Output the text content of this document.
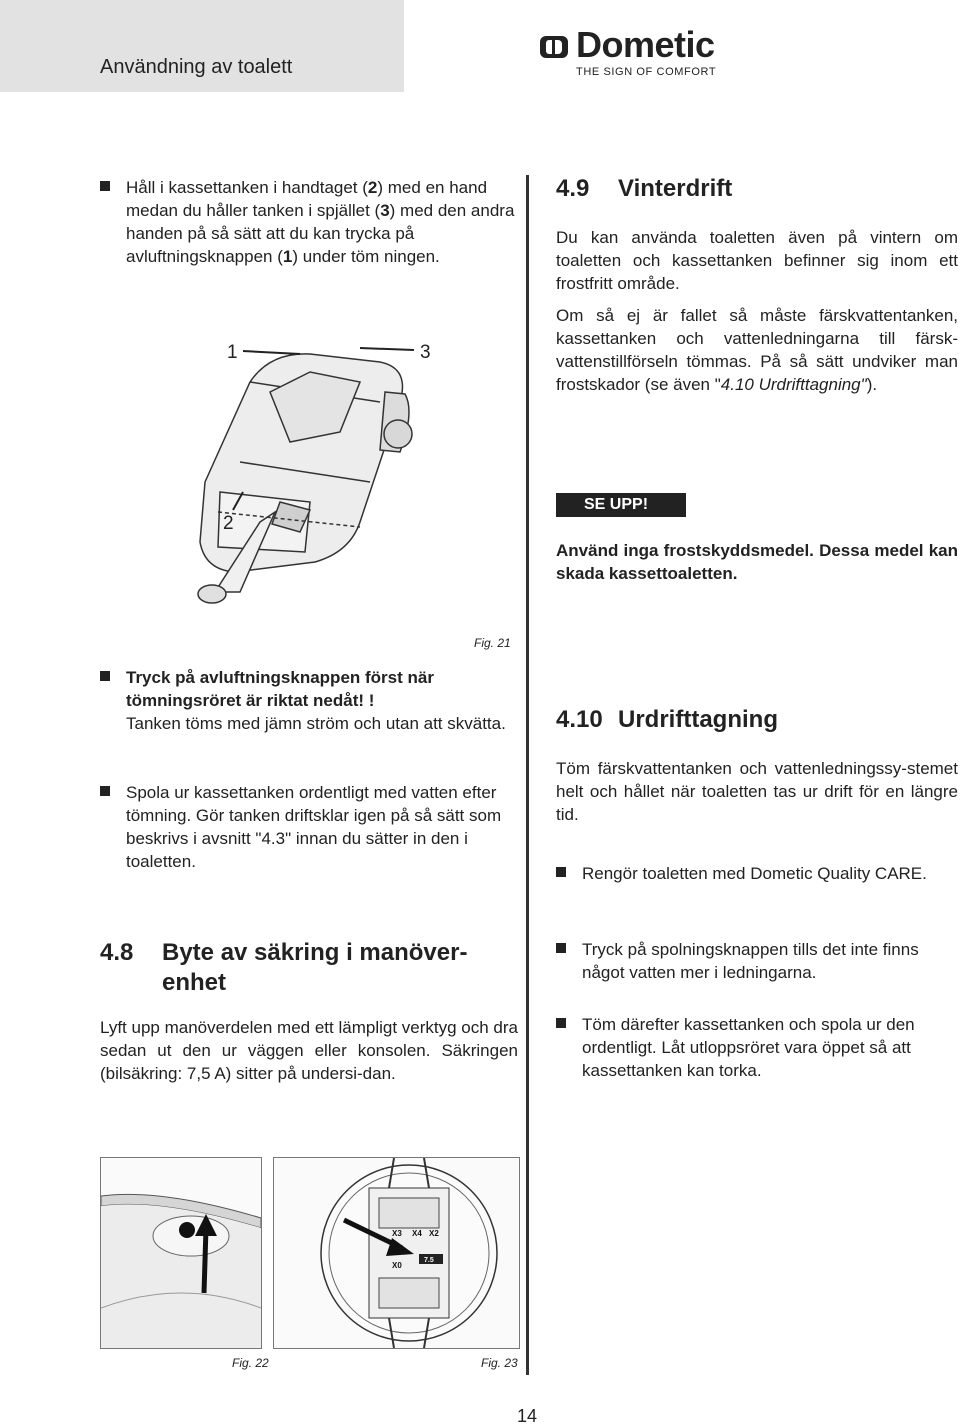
Användning av toalett
Dometic
THE SIGN OF COMFORT
Håll i kassettanken i handtaget (2) med en hand medan du håller tanken i spjället (3) med den andra handen på så sätt att du kan trycka på avluftningsknappen (1) under töm ningen.
1	3
2
Fig. 21
Tryck på avluftningsknappen först när tömningsröret är riktat nedåt! !
Tanken töms med jämn ström och utan att skvätta.
Spola ur kassettanken ordentligt med vatten efter tömning. Gör tanken driftsklar igen på så sätt som beskrivs i avsnitt "4.3" innan du sätter in den i toaletten.
4.8 Byte av säkring i manöver-
enhet
Lyft upp manöverdelen med ett lämpligt verktyg och dra sedan ut den ur väggen eller konsolen. Säkringen (bilsäkring: 7,5 A) sitter på undersi-dan.
Fig. 22
X3 X4 X2
X0
7.5
Fig. 23
4.9 Vinterdrift
Du kan använda toaletten även på vintern om toaletten och kassettanken befinner sig inom ett frostfritt område.
Om så ej är fallet så måste färskvattentanken, kassettanken och vattenledningarna till färsk-vattenstillförseln tömmas. På så sätt undviker man frostskador (se även "4.10 Urdrifttagning").
SE UPP!
Använd inga frostskyddsmedel. Dessa medel kan skada kassettoaletten.
4.10 Urdrifttagning
Töm färskvattentanken och vattenledningssy-stemet helt och hållet när toaletten tas ur drift för en längre tid.
Rengör toaletten med Dometic Quality CARE.
Tryck på spolningsknappen tills det inte finns något vatten mer i ledningarna.
Töm därefter kassettanken och spola ur den ordentligt. Låt utloppsröret vara öppet så att kassettanken kan torka.
14
